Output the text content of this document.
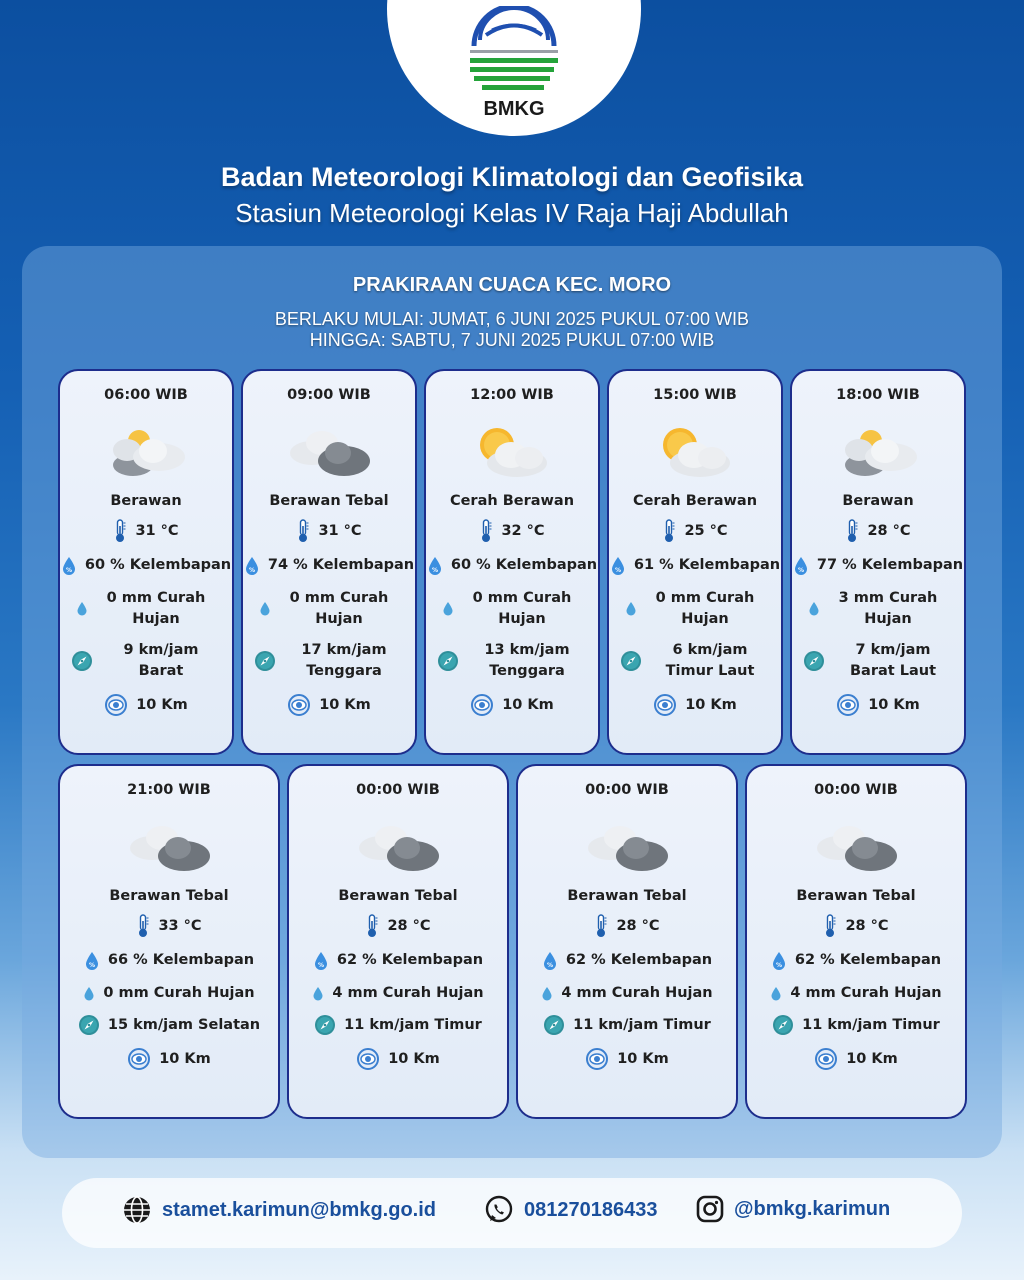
BMKG
Badan Meteorologi Klimatologi dan Geofisika
Stasiun Meteorologi Kelas IV Raja Haji Abdullah
PRAKIRAAN CUACA KEC. MORO
BERLAKU MULAI: JUMAT, 6 JUNI 2025 PUKUL 07:00 WIB
HINGGA: SABTU, 7 JUNI 2025 PUKUL 07:00 WIB
06:00 WIB
Berawan
31 °C
% 60 % Kelembapan
0 mm Curah Hujan
9 km/jam Barat
10 Km
09:00 WIB
Berawan Tebal
31 °C
% 74 % Kelembapan
0 mm Curah Hujan
17 km/jam Tenggara
10 Km
12:00 WIB
Cerah Berawan
32 °C
% 60 % Kelembapan
0 mm Curah Hujan
13 km/jam Tenggara
10 Km
15:00 WIB
Cerah Berawan
25 °C
% 61 % Kelembapan
0 mm Curah Hujan
6 km/jam Timur Laut
10 Km
18:00 WIB
Berawan
28 °C
% 77 % Kelembapan
3 mm Curah Hujan
7 km/jam Barat Laut
10 Km
21:00 WIB
Berawan Tebal
33 °C
% 66 % Kelembapan
0 mm Curah Hujan
15 km/jam Selatan
10 Km
00:00 WIB
Berawan Tebal
28 °C
% 62 % Kelembapan
4 mm Curah Hujan
11 km/jam Timur
10 Km
00:00 WIB
Berawan Tebal
28 °C
% 62 % Kelembapan
4 mm Curah Hujan
11 km/jam Timur
10 Km
00:00 WIB
Berawan Tebal
28 °C
% 62 % Kelembapan
4 mm Curah Hujan
11 km/jam Timur
10 Km
stamet.karimun@bmkg.go.id	081270186433	@bmkg.karimun
